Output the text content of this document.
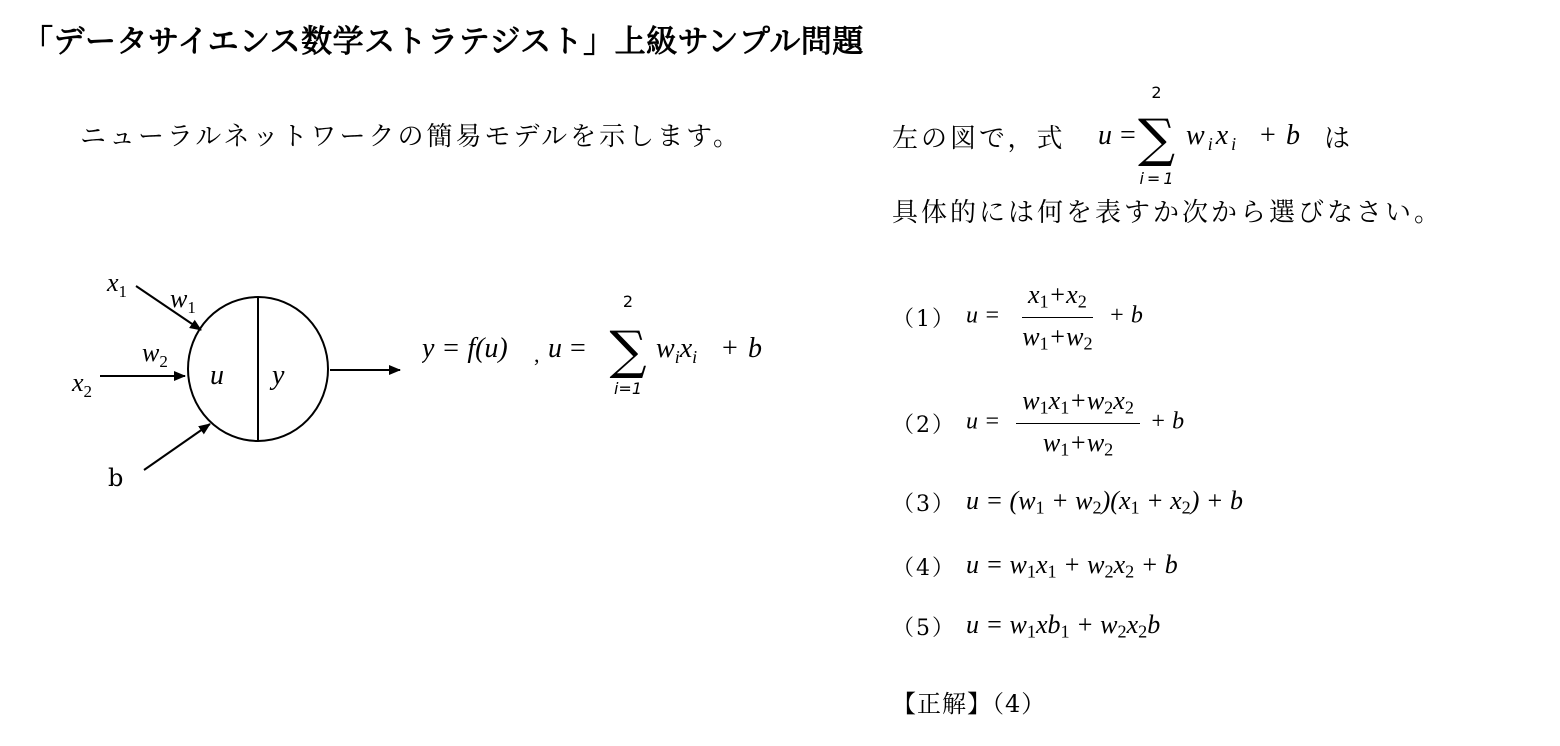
「データサイエンス数学ストラテジスト」上級サンプル問題
ニューラルネットワークの簡易モデルを示します。	左の図で，式 u =
2
∑
i=1
$w_ix_i + b$ は
具体的には何を表すか次から選びなさい。
$x_1$ $w_1$
$w_2$
$x_2$
b
u y
y = f(u) , u =
2
∑
i=1
$w_ix_i + b$
（1） $u = \frac{x_1+x_2}{w_1+w_2} + b$
（2） $u = \frac{w_1x_1+w_2x_2}{w_1+w_2} + b$
（3） $u = (w_1 + w_2)(x_1 + x_2) + b$
（4） $u = w_1x_1 + w_2x_2 + b$
（5） $u = w_1xb_1 + w_2x_2b$
【正解】（4）
